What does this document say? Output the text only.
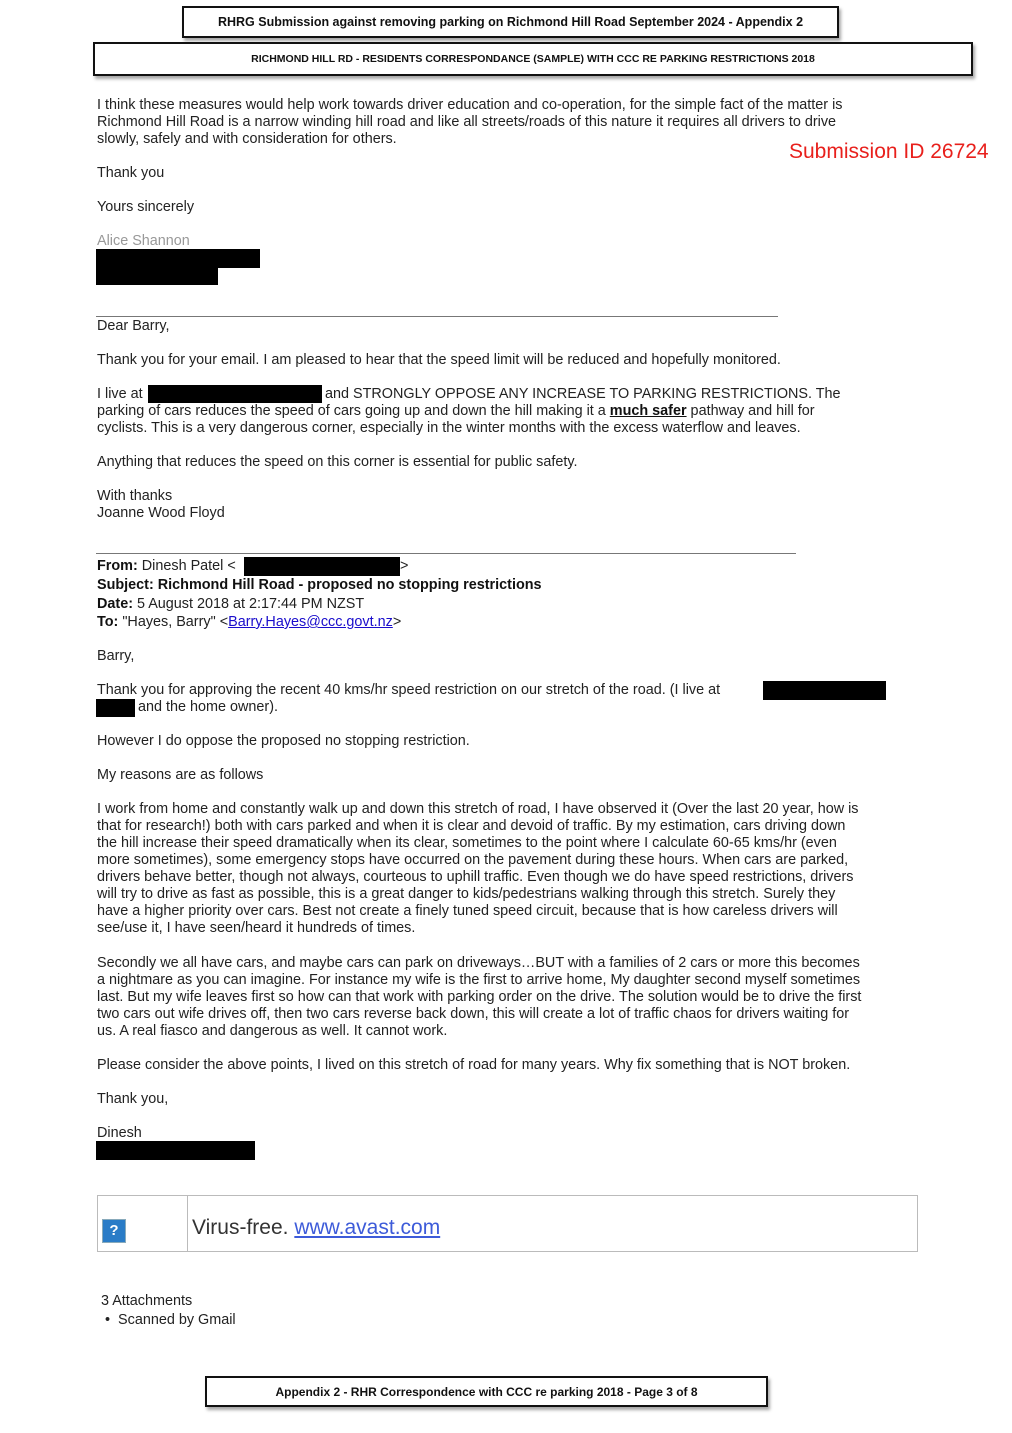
RHRG Submission against removing parking on Richmond Hill Road September 2024 - Appendix 2
RICHMOND HILL RD - RESIDENTS CORRESPONDANCE (SAMPLE) WITH CCC RE PARKING RESTRICTIONS 2018
Submission ID 26724
I think these measures would help work towards driver education and co-operation, for the simple fact of the matter is
Richmond Hill Road is a narrow winding hill road and like all streets/roads of this nature it requires all drivers to drive
slowly, safely and with consideration for others.
Thank you
Yours sincerely
Alice Shannon
Dear Barry,
Thank you for your email. I am pleased to hear that the speed limit will be reduced and hopefully monitored.
I live at	and STRONGLY OPPOSE ANY INCREASE TO PARKING RESTRICTIONS. The
parking of cars reduces the speed of cars going up and down the hill making it a much safer pathway and hill for
cyclists. This is a very dangerous corner, especially in the winter months with the excess waterflow and leaves.
Anything that reduces the speed on this corner is essential for public safety.
With thanks
Joanne Wood Floyd
From: Dinesh Patel <	>
Subject: Richmond Hill Road - proposed no stopping restrictions
Date: 5 August 2018 at 2:17:44 PM NZST
To: "Hayes, Barry" <Barry.Hayes@ccc.govt.nz>
Barry,
Thank you for approving the recent 40 kms/hr speed restriction on our stretch of the road. (I live at
and the home owner).
However I do oppose the proposed no stopping restriction.
My reasons are as follows
I work from home and constantly walk up and down this stretch of road, I have observed it (Over the last 20 year, how is
that for research!) both with cars parked and when it is clear and devoid of traffic. By my estimation, cars driving down
the hill increase their speed dramatically when its clear, sometimes to the point where I calculate 60-65 kms/hr (even
more sometimes), some emergency stops have occurred on the pavement during these hours. When cars are parked,
drivers behave better, though not always, courteous to uphill traffic. Even though we do have speed restrictions, drivers
will try to drive as fast as possible, this is a great danger to kids/pedestrians walking through this stretch. Surely they
have a higher priority over cars. Best not create a finely tuned speed circuit, because that is how careless drivers will
see/use it, I have seen/heard it hundreds of times.
Secondly we all have cars, and maybe cars can park on driveways…BUT with a families of 2 cars or more this becomes
a nightmare as you can imagine. For instance my wife is the first to arrive home, My daughter second myself sometimes
last. But my wife leaves first so how can that work with parking order on the drive. The solution would be to drive the first
two cars out wife drives off, then two cars reverse back down, this will create a lot of traffic chaos for drivers waiting for
us. A real fiasco and dangerous as well. It cannot work.
Please consider the above points, I lived on this stretch of road for many years. Why fix something that is NOT broken.
Thank you,
Dinesh
?	Virus-free. www.avast.com
3 Attachments
•  Scanned by Gmail
Appendix 2 - RHR Correspondence with CCC re parking 2018 - Page 3 of 8
